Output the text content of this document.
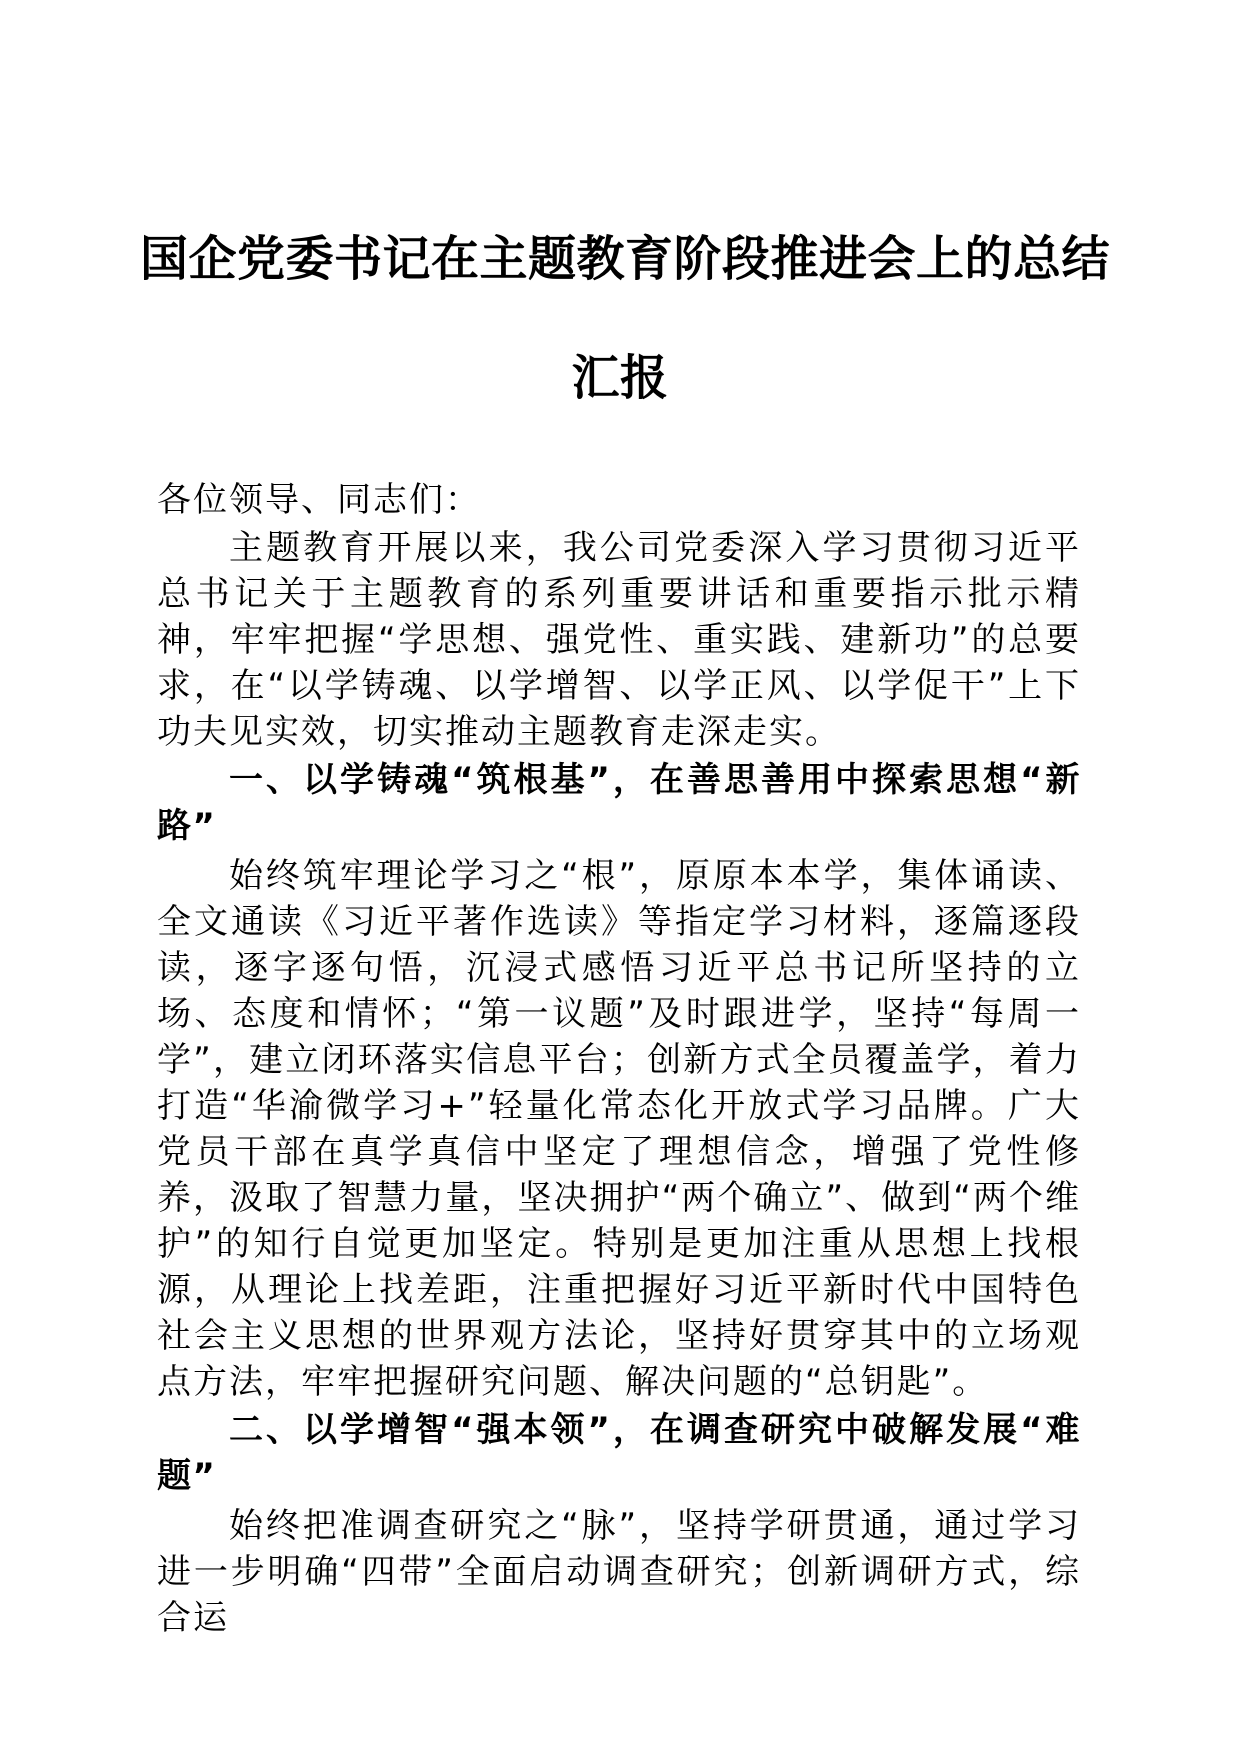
国企党委书记在主题教育阶段推进会上的总结
汇报

各位领导、同志们：

主题教育开展以来，我公司党委深入学习贯彻习近平总书记关于主题教育的系列重要讲话和重要指示批示精神，牢牢把握“学思想、强党性、重实践、建新功”的总要求，在“以学铸魂、以学增智、以学正风、以学促干”上下功夫见实效，切实推动主题教育走深走实。

一、以学铸魂“筑根基”，在善思善用中探索思想“新路”

始终筑牢理论学习之“根”，原原本本学，集体诵读、全文通读《习近平著作选读》等指定学习材料，逐篇逐段读，逐字逐句悟，沉浸式感悟习近平总书记所坚持的立场、态度和情怀；“第一议题”及时跟进学，坚持“每周一学”，建立闭环落实信息平台；创新方式全员覆盖学，着力打造“华渝微学习+”轻量化常态化开放式学习品牌。广大党员干部在真学真信中坚定了理想信念，增强了党性修养，汲取了智慧力量，坚决拥护“两个确立”、做到“两个维护”的知行自觉更加坚定。特别是更加注重从思想上找根源，从理论上找差距，注重把握好习近平新时代中国特色社会主义思想的世界观方法论，坚持好贯穿其中的立场观点方法，牢牢把握研究问题、解决问题的“总钥匙”。

二、以学增智“强本领”，在调查研究中破解发展“难题”

始终把准调查研究之“脉”，坚持学研贯通，通过学习进一步明确“四带”全面启动调查研究；创新调研方式，综合运
